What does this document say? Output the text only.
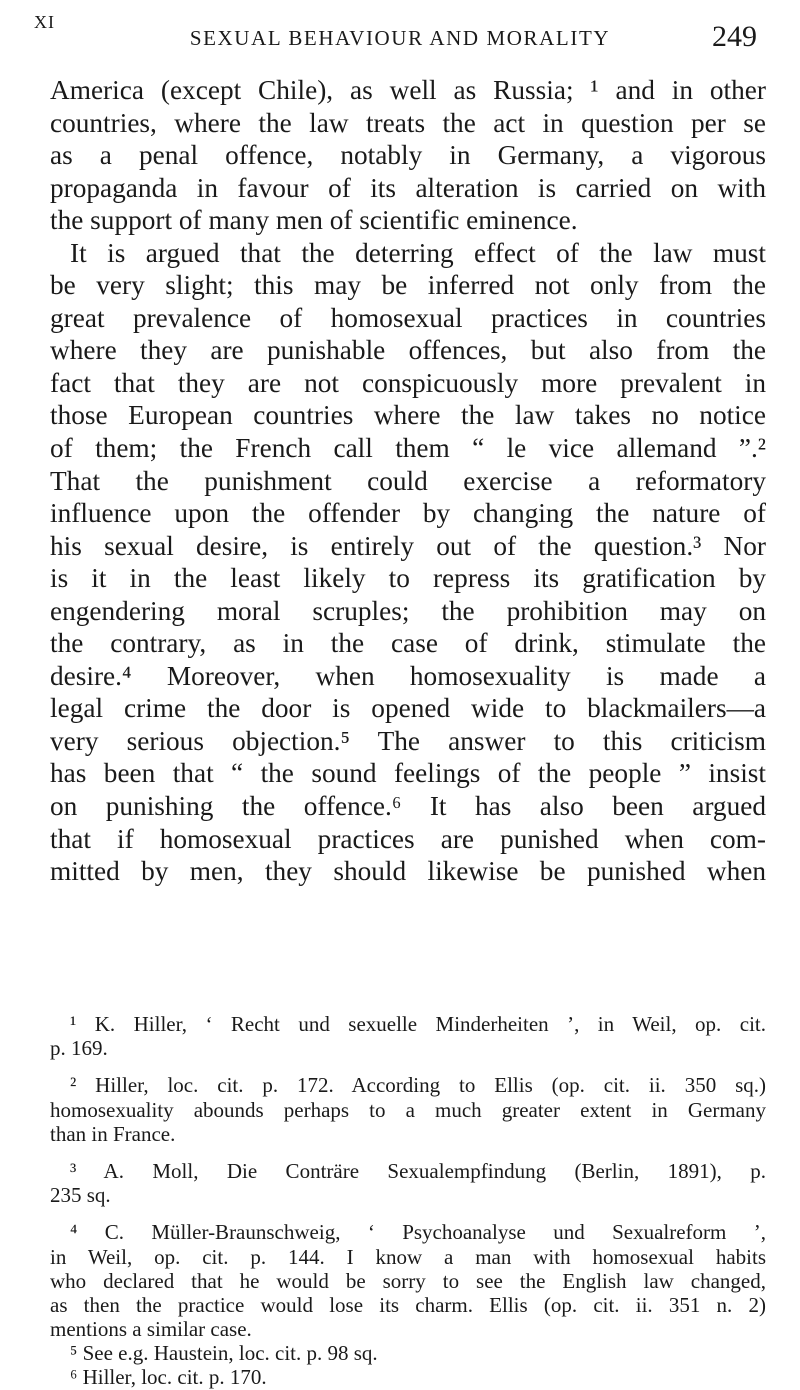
XI
SEXUAL BEHAVIOUR AND MORALITY	249
America (except Chile), as well as Russia; ¹ and in other
countries, where the law treats the act in question per se
as a penal offence, notably in Germany, a vigorous
propaganda in favour of its alteration is carried on with
the support of many men of scientific eminence.
It is argued that the deterring effect of the law must
be very slight; this may be inferred not only from the
great prevalence of homosexual practices in countries
where they are punishable offences, but also from the
fact that they are not conspicuously more prevalent in
those European countries where the law takes no notice
of them; the French call them “ le vice allemand ”.²
That the punishment could exercise a reformatory
influence upon the offender by changing the nature of
his sexual desire, is entirely out of the question.³ Nor
is it in the least likely to repress its gratification by
engendering moral scruples; the prohibition may on
the contrary, as in the case of drink, stimulate the
desire.⁴ Moreover, when homosexuality is made a
legal crime the door is opened wide to blackmailers—a
very serious objection.⁵ The answer to this criticism
has been that “ the sound feelings of the people ” insist
on punishing the offence.⁶ It has also been argued
that if homosexual practices are punished when com-
mitted by men, they should likewise be punished when
¹ K. Hiller, ‘ Recht und sexuelle Minderheiten ’, in Weil, op. cit.
p. 169.
² Hiller, loc. cit. p. 172. According to Ellis (op. cit. ii. 350 sq.)
homosexuality abounds perhaps to a much greater extent in Germany
than in France.
³ A. Moll, Die Conträre Sexualempfindung (Berlin, 1891), p.
235 sq.
⁴ C. Müller-Braunschweig, ‘ Psychoanalyse und Sexualreform ’,
in Weil, op. cit. p. 144. I know a man with homosexual habits
who declared that he would be sorry to see the English law changed,
as then the practice would lose its charm. Ellis (op. cit. ii. 351 n. 2)
mentions a similar case.
⁵ See e.g. Haustein, loc. cit. p. 98 sq.
⁶ Hiller, loc. cit. p. 170.
